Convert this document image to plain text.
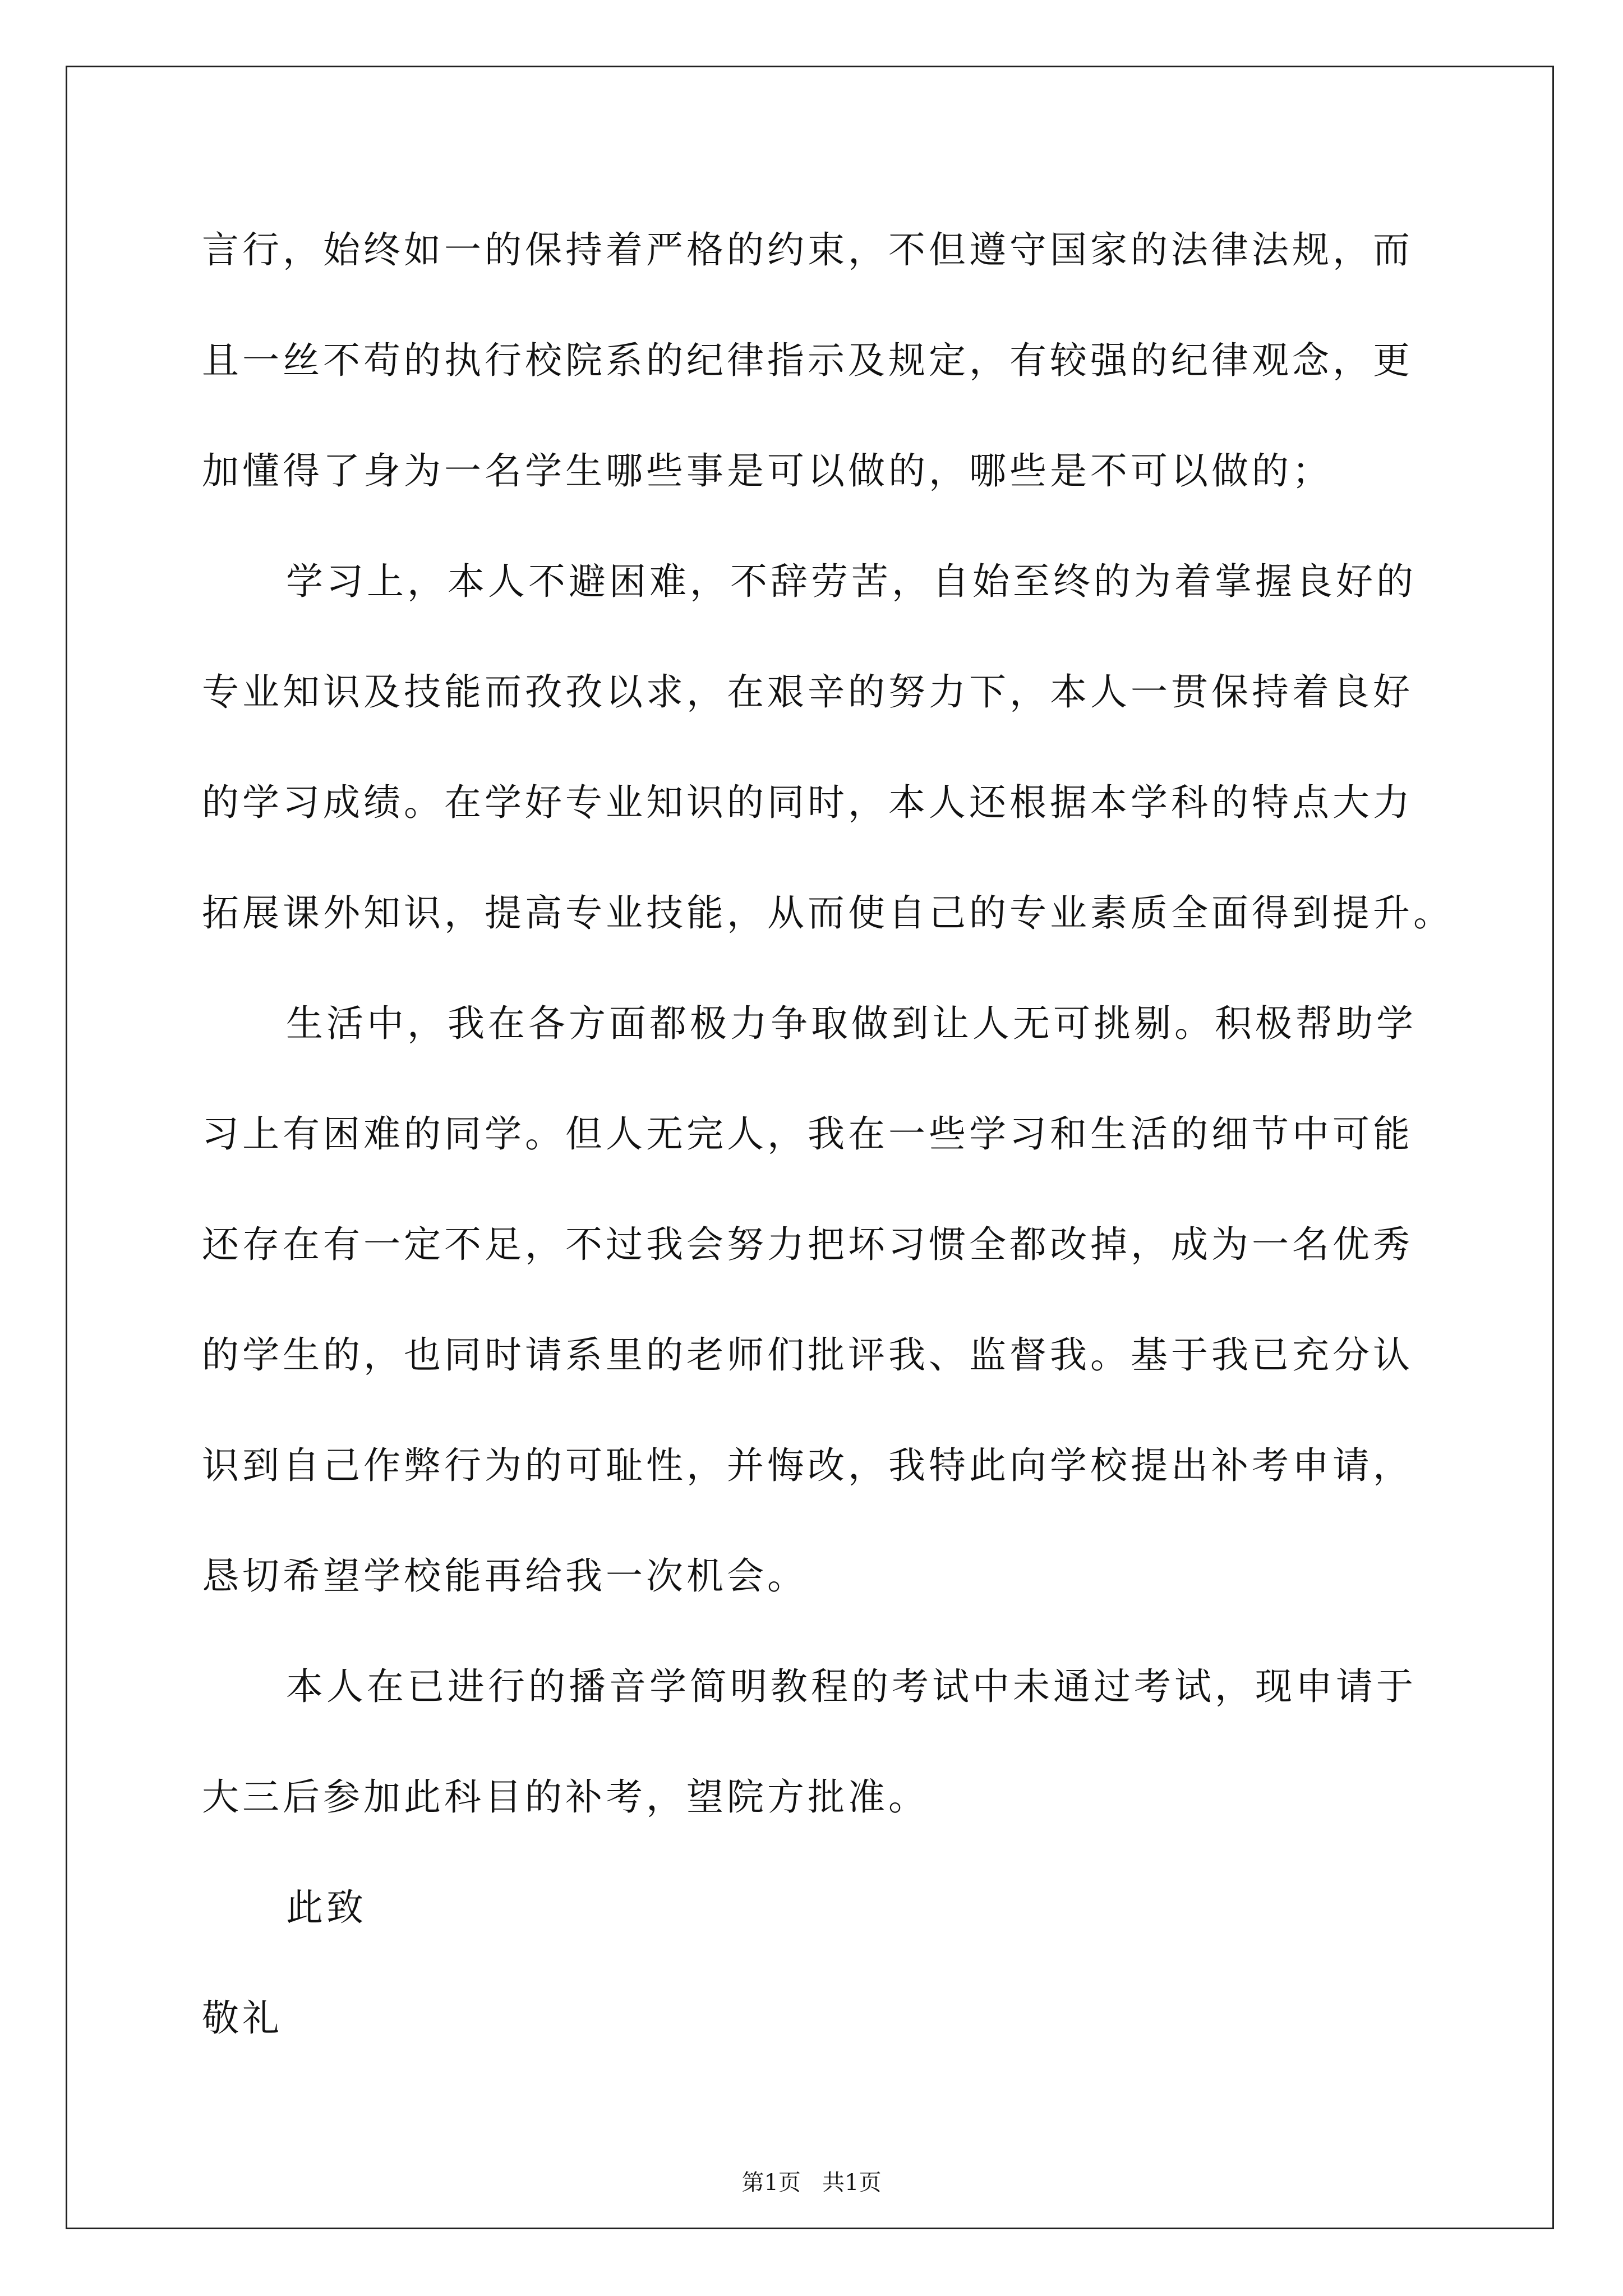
言行，始终如一的保持着严格的约束，不但遵守国家的法律法规，而

且一丝不苟的执行校院系的纪律指示及规定，有较强的纪律观念，更

加懂得了身为一名学生哪些事是可以做的，哪些是不可以做的；

学习上，本人不避困难，不辞劳苦，自始至终的为着掌握良好的

专业知识及技能而孜孜以求，在艰辛的努力下，本人一贯保持着良好

的学习成绩。在学好专业知识的同时，本人还根据本学科的特点大力

拓展课外知识，提高专业技能，从而使自己的专业素质全面得到提升。

生活中，我在各方面都极力争取做到让人无可挑剔。积极帮助学

习上有困难的同学。但人无完人，我在一些学习和生活的细节中可能

还存在有一定不足，不过我会努力把坏习惯全都改掉，成为一名优秀

的学生的，也同时请系里的老师们批评我、监督我。基于我已充分认

识到自己作弊行为的可耻性，并悔改，我特此向学校提出补考申请，

恳切希望学校能再给我一次机会。

本人在已进行的播音学简明教程的考试中未通过考试，现申请于

大三后参加此科目的补考，望院方批准。

此致

敬礼

第1页   共1页
